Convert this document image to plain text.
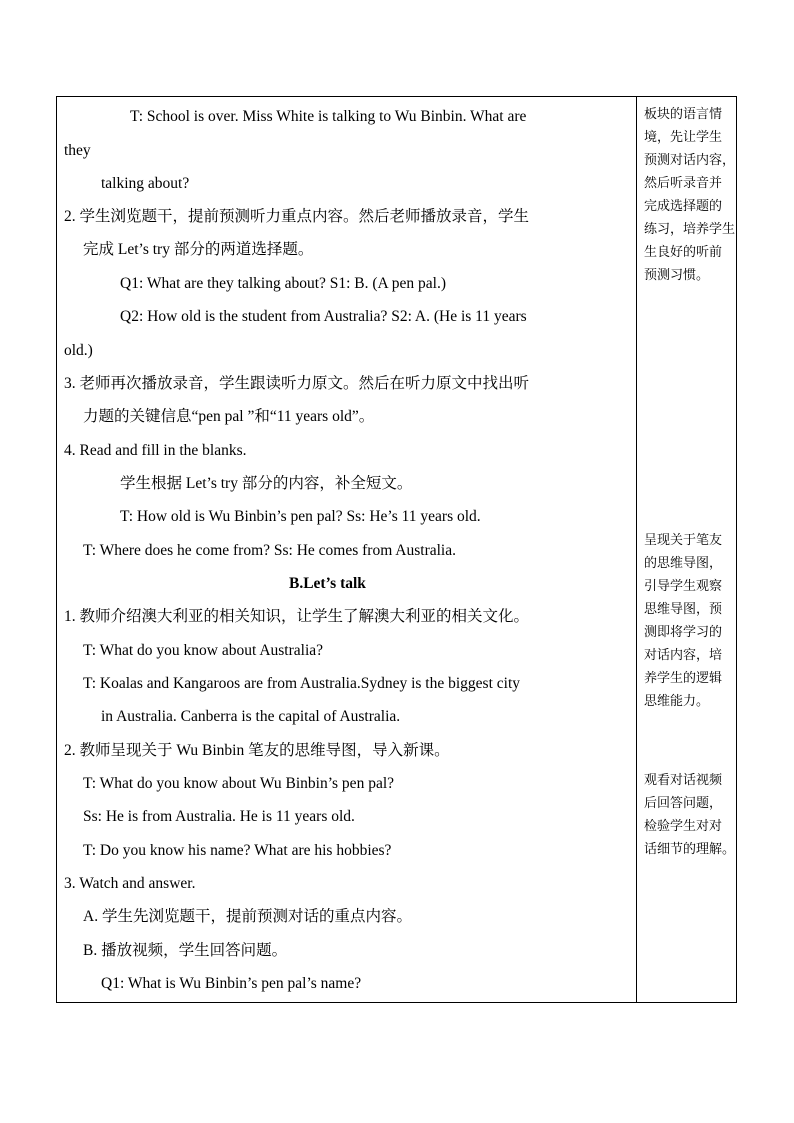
T: School is over. Miss White is talking to Wu Binbin. What are
they
talking about?
2. 学生浏览题干，提前预测听力重点内容。然后老师播放录音，学生
完成 Let’s try 部分的两道选择题。
Q1: What are they talking about? S1: B. (A pen pal.)
Q2: How old is the student from Australia? S2: A. (He is 11 years
old.)
3. 老师再次播放录音，学生跟读听力原文。然后在听力原文中找出听
力题的关键信息“pen pal ”和“11 years old”。
4. Read and fill in the blanks.
学生根据 Let’s try 部分的内容，补全短文。
T: How old is Wu Binbin’s pen pal? Ss: He’s 11 years old.
T: Where does he come from? Ss: He comes from Australia.
B.Let’s talk
1. 教师介绍澳大利亚的相关知识，让学生了解澳大利亚的相关文化。
T: What do you know about Australia?
T: Koalas and Kangaroos are from Australia.Sydney is the biggest city
in Australia. Canberra is the capital of Australia.
2. 教师呈现关于 Wu Binbin 笔友的思维导图，导入新课。
T: What do you know about Wu Binbin’s pen pal?
Ss: He is from Australia. He is 11 years old.
T: Do you know his name? What are his hobbies?
3. Watch and answer.
A. 学生先浏览题干，提前预测对话的重点内容。
B. 播放视频，学生回答问题。
Q1: What is Wu Binbin’s pen pal’s name?
板块的语言情
境，先让学生
预测对话内容，
然后听录音并
完成选择题的
练习，培养学生
生良好的听前
预测习惯。
呈现关于笔友
的思维导图，
引导学生观察
思维导图，预
测即将学习的
对话内容，培
养学生的逻辑
思维能力。
观看对话视频
后回答问题，
检验学生对对
话细节的理解。
